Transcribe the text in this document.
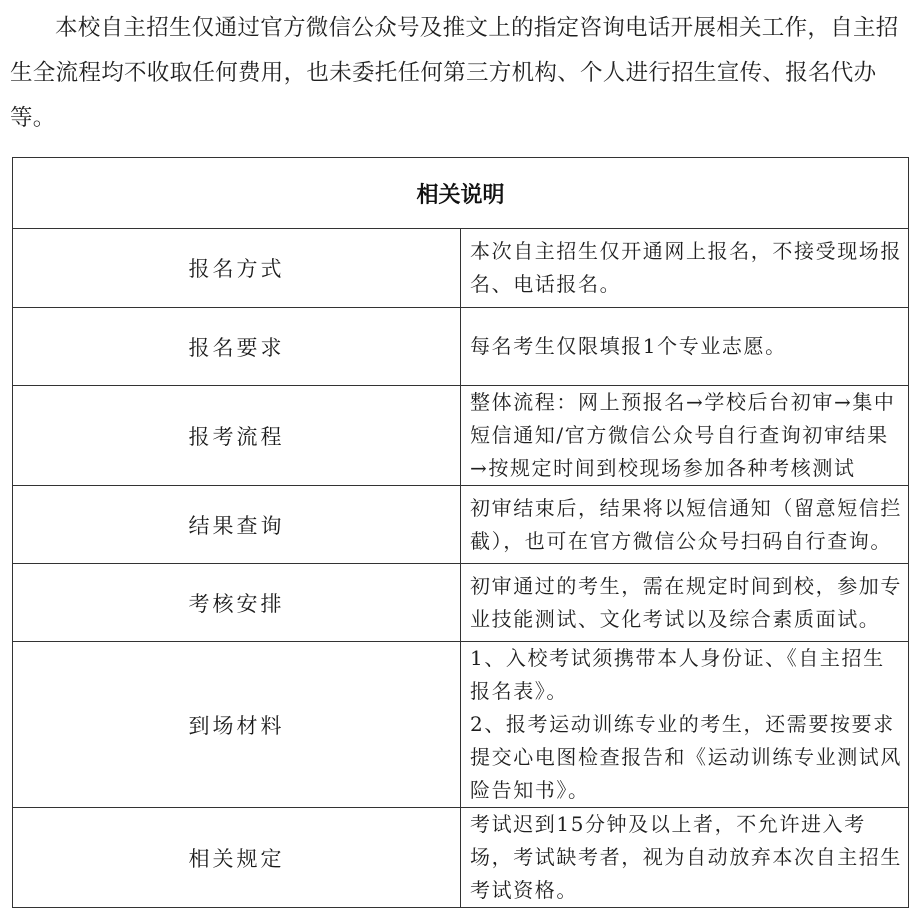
本校自主招生仅通过官方微信公众号及推文上的指定咨询电话开展相关工作，自主招生全流程均不收取任何费用，也未委托任何第三方机构、个人进行招生宣传、报名代办等。
相关说明	
报名方式	本次自主招生仅开通网上报名，不接受现场报名、电话报名。

报名要求	每名考生仅限填报1个专业志愿。

报考流程	整体流程：网上预报名→学校后台初审→集中短信通知/官方微信公众号自行查询初审结果→按规定时间到校现场参加各种考核测试

结果查询	初审结束后，结果将以短信通知（留意短信拦截），也可在官方微信公众号扫码自行查询。

考核安排	初审通过的考生，需在规定时间到校，参加专业技能测试、文化考试以及综合素质面试。

到场材料	1、入校考试须携带本人身份证、《自主招生报名表》。
2、报考运动训练专业的考生，还需要按要求提交心电图检查报告和《运动训练专业测试风险告知书》。

相关规定	考试迟到15分钟及以上者，不允许进入考场，考试缺考者，视为自动放弃本次自主招生考试资格。
